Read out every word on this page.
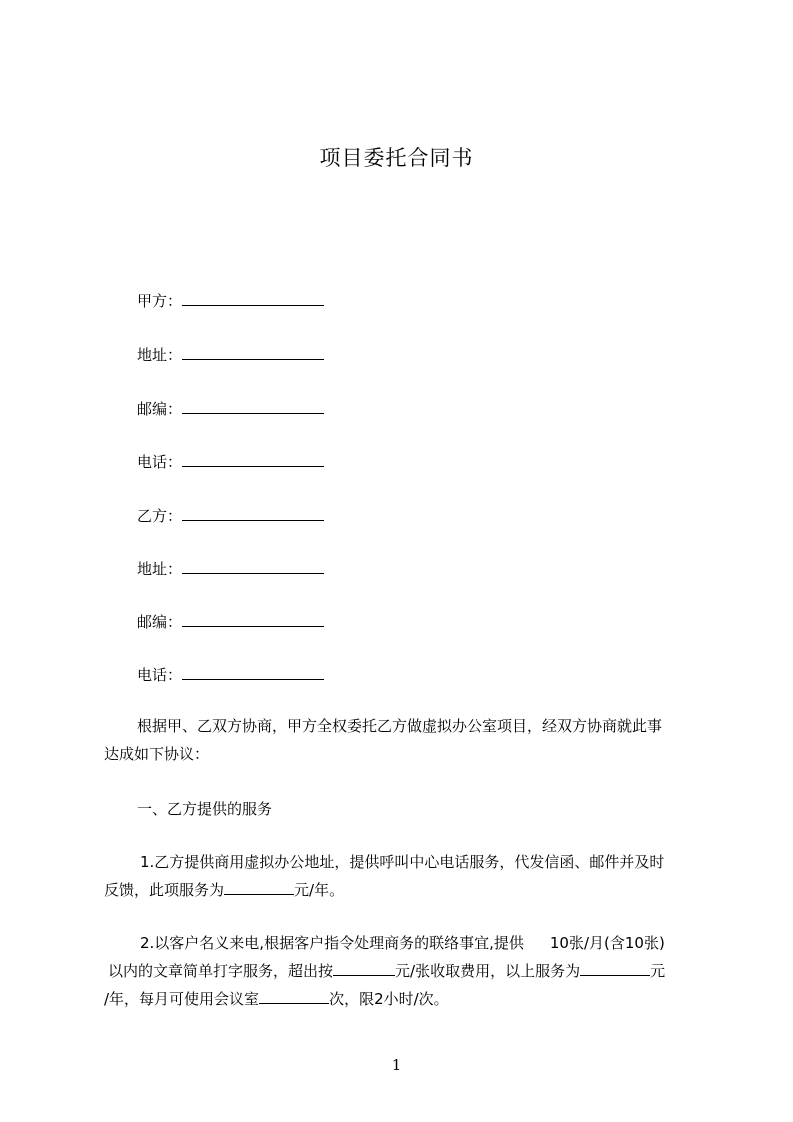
项目委托合同书
甲方：
地址：
邮编：
电话：
乙方：
地址：
邮编：
电话：
根据甲、乙双方协商，甲方全权委托乙方做虚拟办公室项目，经双方协商就此事
达成如下协议：
一、乙方提供的服务
1.乙方提供商用虚拟办公地址，提供呼叫中心电话服务，代发信函、邮件并及时
反馈，此项服务为	元/年。
2.以客户名义来电,根据客户指令处理商务的联络事宜,提供 10张/月(含10张)
以内的文章简单打字服务，超出按	元/张收取费用，以上服务为	元
/年，每月可使用会议室	次，限2小时/次。
1
